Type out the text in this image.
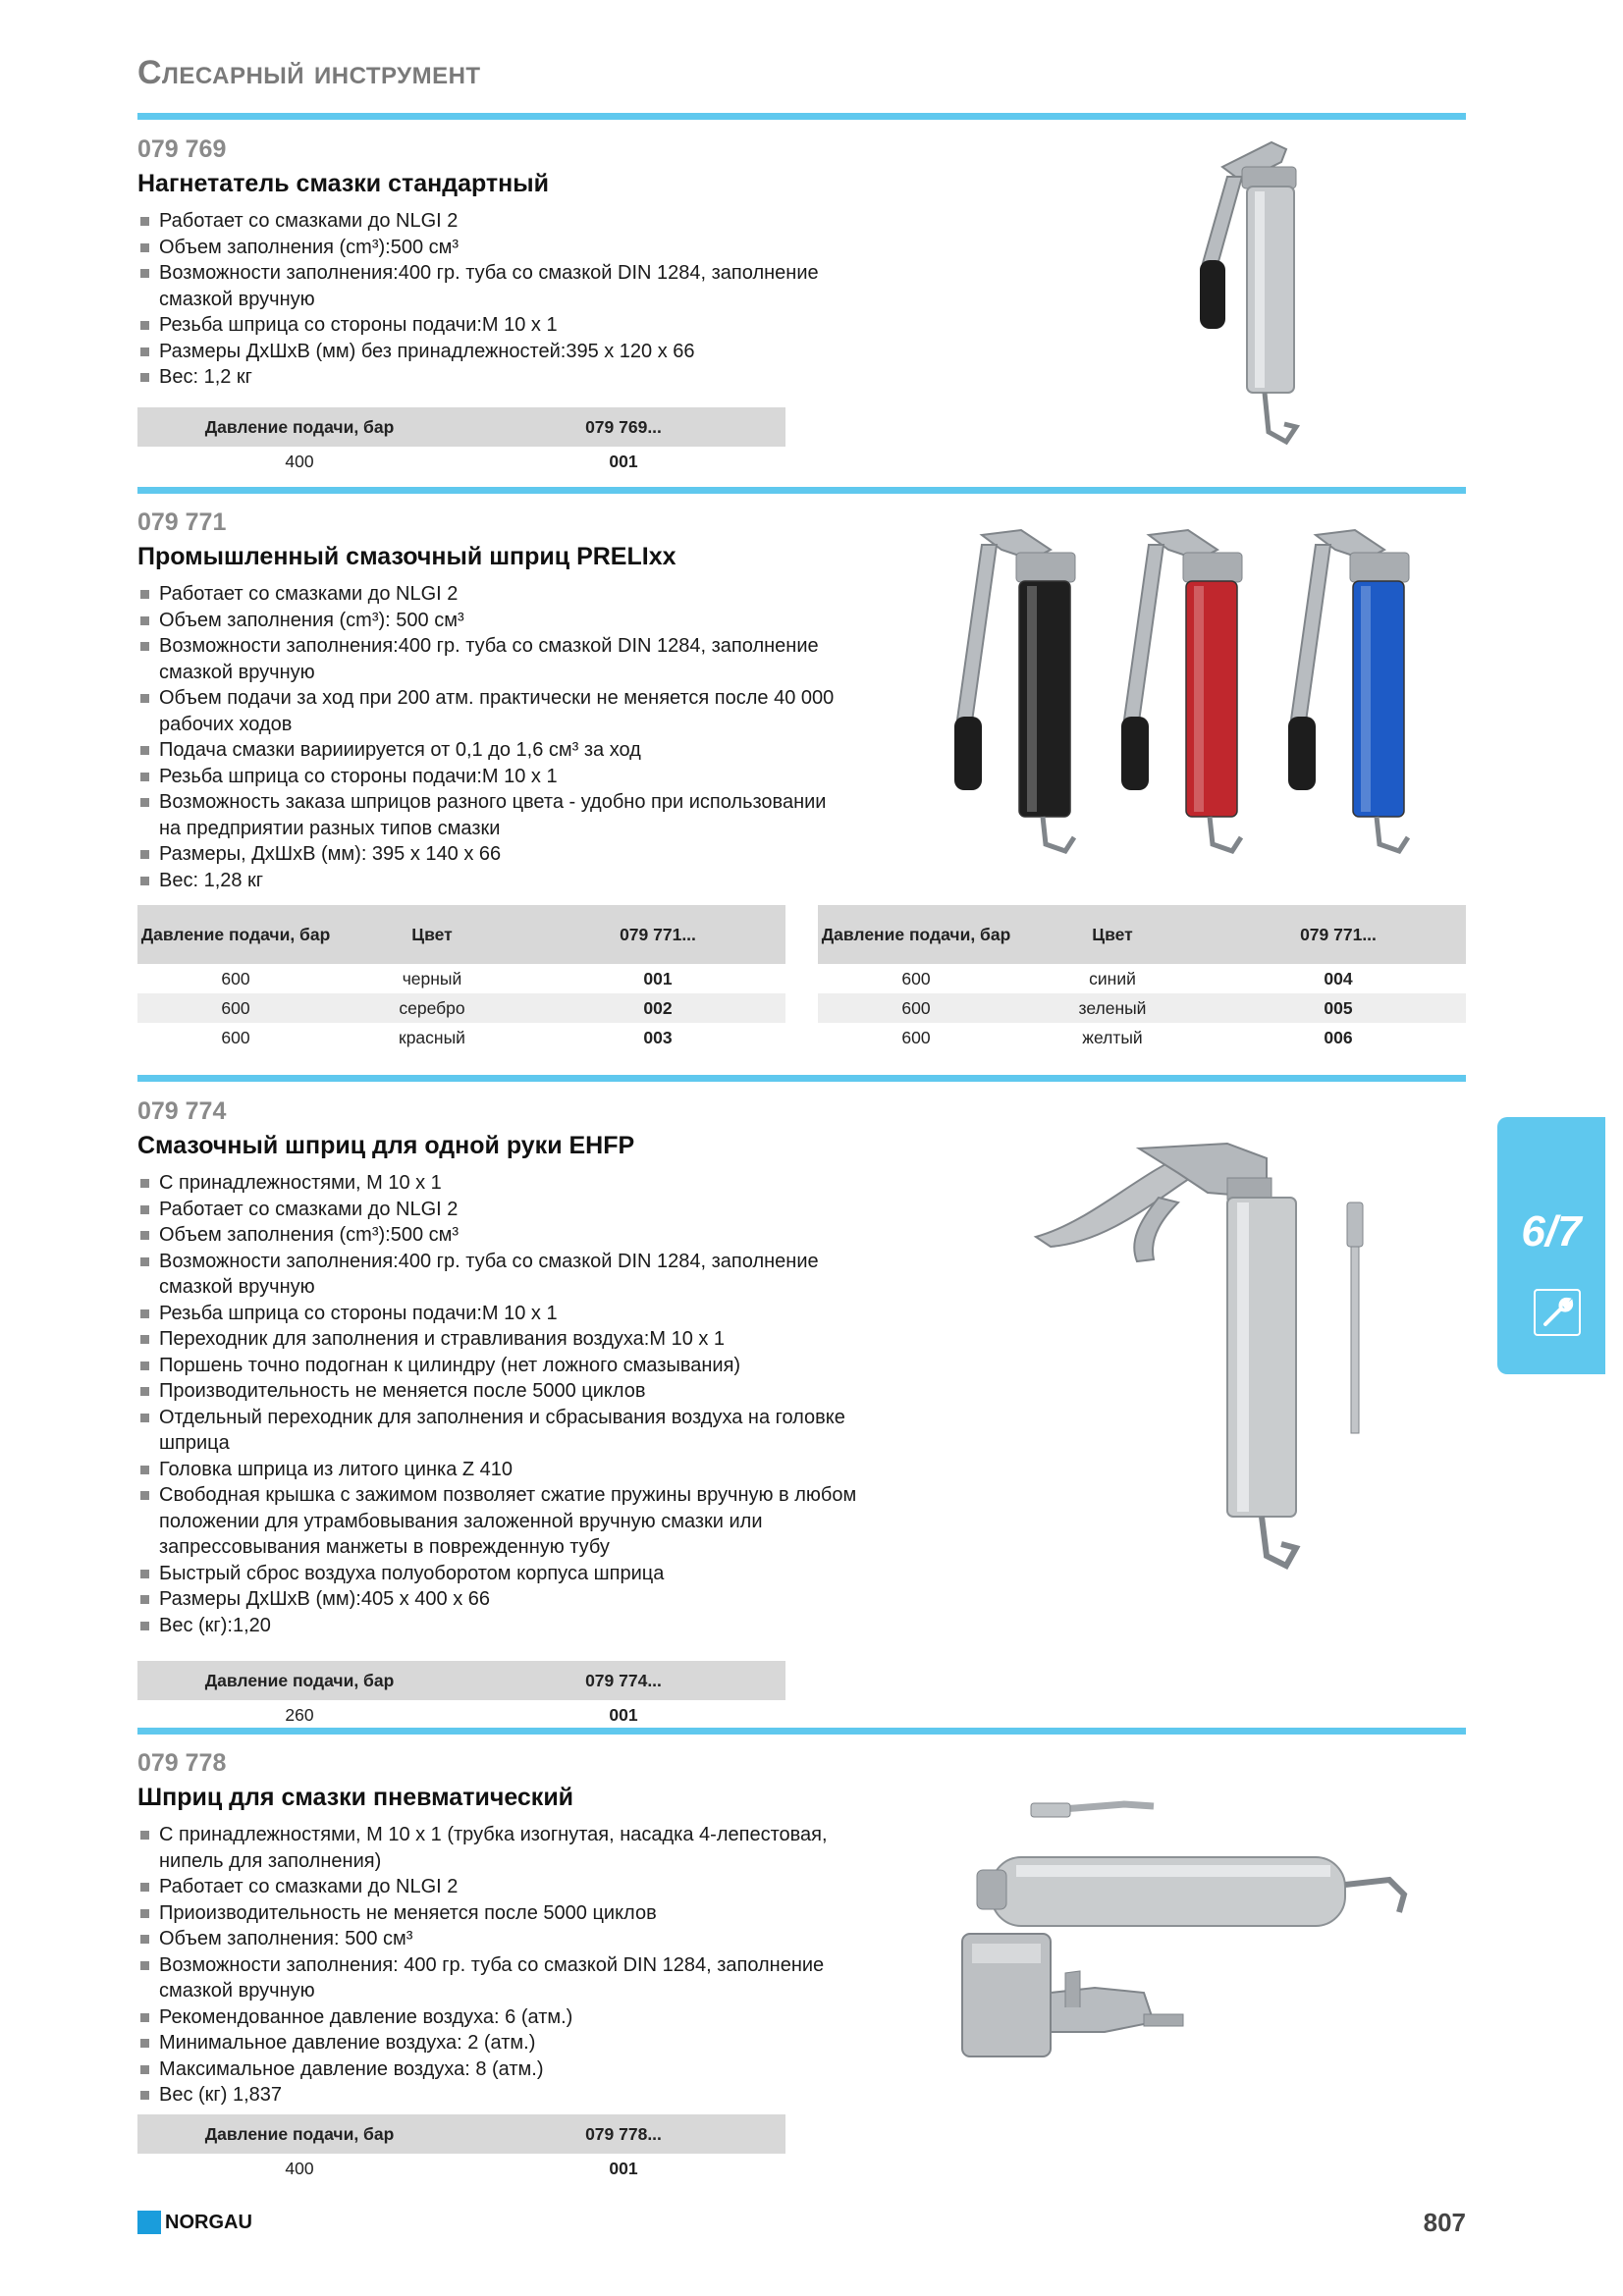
Слесарный инструмент
079 769
Нагнетатель смазки стандартный
Работает со смазками до NLGI 2
Объем заполнения (cm³):500 см³
Возможности заполнения:400 гр. туба со смазкой DIN 1284, заполнение смазкой вручную
Резьба шприца со стороны подачи:M 10 x 1
Размеры ДхШхВ (мм) без принадлежностей:395 x 120 x 66
Вес: 1,2 кг
Давление подачи, бар	079 769...
400	001
079 771
Промышленный смазочный шприц PRELIxx
Работает со смазками до NLGI 2
Объем заполнения (cm³): 500 см³
Возможности заполнения:400 гр. туба со смазкой DIN 1284, заполнение смазкой вручную
Объем подачи за ход при 200 атм. практически не меняется после 40 000 рабочих ходов
Подача смазки варииируется от 0,1 до 1,6 см³ за ход
Резьба шприца со стороны подачи:M 10 x 1
Возможность заказа шприцов разного цвета - удобно при использовании на предприятии разных типов смазки
Размеры, ДхШхВ (мм): 395 x 140 x 66
Вес: 1,28 кг
Давление подачи, бар	Цвет	079 771...
600	черный	001
600	серебро	002
600	красный	003
Давление подачи, бар	Цвет	079 771...
600	синий	004
600	зеленый	005
600	желтый	006
079 774
Смазочный шприц для одной руки EHFP
С принадлежностями, M 10 x 1
Работает со смазками до NLGI 2
Объем заполнения (cm³):500 см³
Возможности заполнения:400 гр. туба со смазкой DIN 1284, заполнение смазкой вручную
Резьба шприца со стороны подачи:M 10 x 1
Переходник для заполнения и стравливания воздуха:M 10 x 1
Поршень точно подогнан к цилиндру (нет ложного смазывания)
Производительность не меняется после 5000 циклов
Отдельный переходник для заполнения и сбрасывания воздуха на головке шприца
Головка шприца из литого цинка Z 410
Свободная крышка с зажимом позволяет сжатие пружины вручную в любом положении для утрамбовывания заложенной вручную смазки или запрессовывания манжеты в поврежденную тубу
Быстрый сброс воздуха полуоборотом корпуса шприца
Размеры ДхШхВ (мм):405 x 400 x 66
Вес (кг):1,20
Давление подачи, бар	079 774...
260	001
079 778
Шприц для смазки пневматический
С принадлежностями, M 10 x 1 (трубка изогнутая, насадка 4-лепестовая, нипель для заполнения)
Работает со смазками до NLGI 2
Приоизводительность не меняется после 5000 циклов
Объем заполнения: 500 см³
Возможности заполнения: 400 гр. туба со смазкой DIN 1284, заполнение смазкой вручную
Рекомендованное давление воздуха: 6 (атм.)
Минимальное давление воздуха: 2 (атм.)
Максимальное давление воздуха: 8 (атм.)
Вес (кг) 1,837
Давление подачи, бар	079 778...
400	001
6/7
NORGAU	807
